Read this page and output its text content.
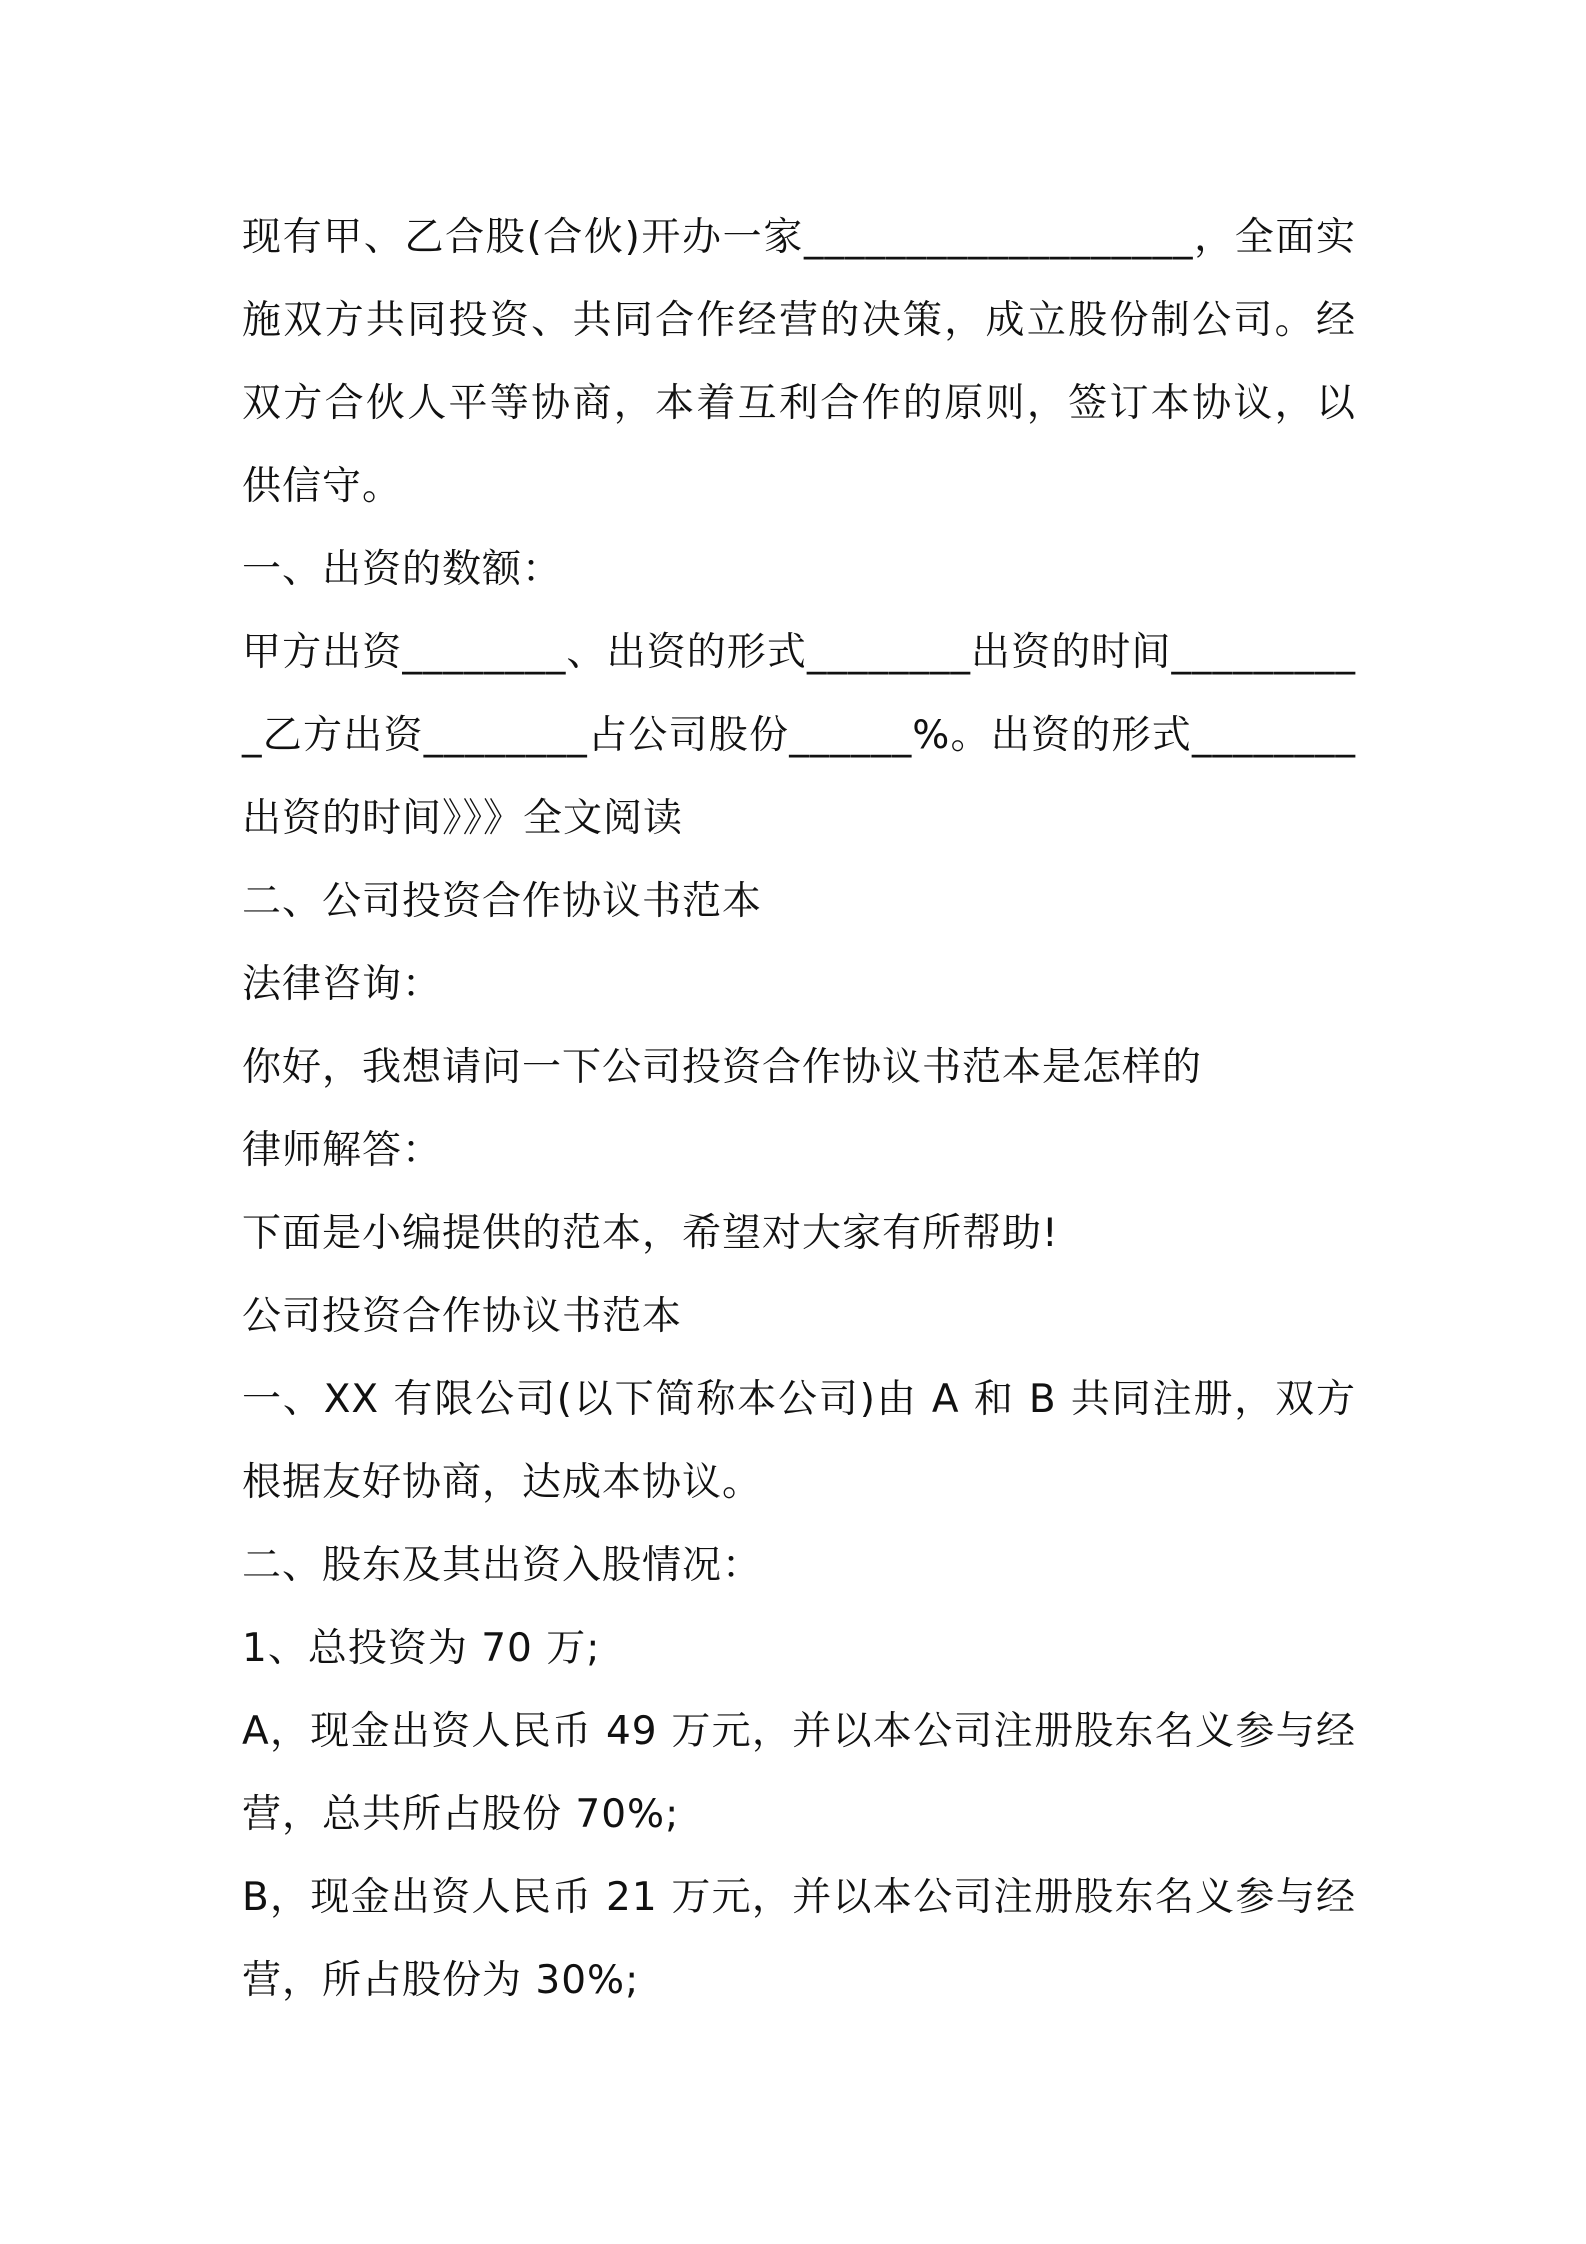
现有甲、乙合股(合伙)开办一家___________________，全面实施双方共同投资、共同合作经营的决策，成立股份制公司。经双方合伙人平等协商，本着互利合作的原则，签订本协议，以供信守。

一、出资的数额：

甲方出资________、出资的形式________出资的时间__________乙方出资________占公司股份______%。出资的形式________出资的时间》》》全文阅读

二、公司投资合作协议书范本

法律咨询：

你好，我想请问一下公司投资合作协议书范本是怎样的

律师解答：

下面是小编提供的范本，希望对大家有所帮助!

公司投资合作协议书范本

一、XX 有限公司(以下简称本公司)由 A 和 B 共同注册，双方根据友好协商，达成本协议。

二、股东及其出资入股情况：

1、总投资为 70 万;

A，现金出资人民币 49 万元，并以本公司注册股东名义参与经营，总共所占股份 70%;

B，现金出资人民币 21 万元，并以本公司注册股东名义参与经营，所占股份为 30%;
